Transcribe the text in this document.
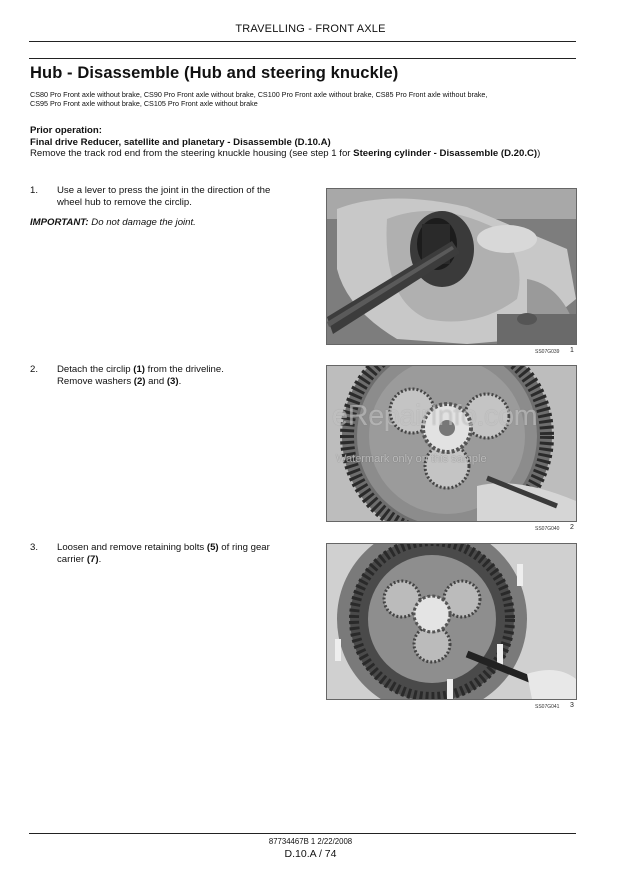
TRAVELLING - FRONT AXLE
Hub - Disassemble (Hub and steering knuckle)
CS80 Pro Front axle without brake, CS90 Pro Front axle without brake, CS100 Pro Front axle without brake, CS85 Pro Front axle without brake,
CS95 Pro Front axle without brake, CS105 Pro Front axle without brake
Prior operation:
Final drive Reducer, satellite and planetary - Disassemble (D.10.A)
Remove the track rod end from the steering knuckle housing (see step 1 for Steering cylinder - Disassemble (D.20.C))
1. Use a lever to press the joint in the direction of the
wheel hub to remove the circlip.
IMPORTANT: Do not damage the joint.
SS07G039 1
2. Detach the circlip (1) from the driveline.
Remove washers (2) and (3).
eRepairInfo.com
Watermark only on this sample
SS07G040 2
3. Loosen and remove retaining bolts (5) of ring gear
carrier (7).
SS07G041 3
87734467B 1 2/22/2008
D.10.A / 74
